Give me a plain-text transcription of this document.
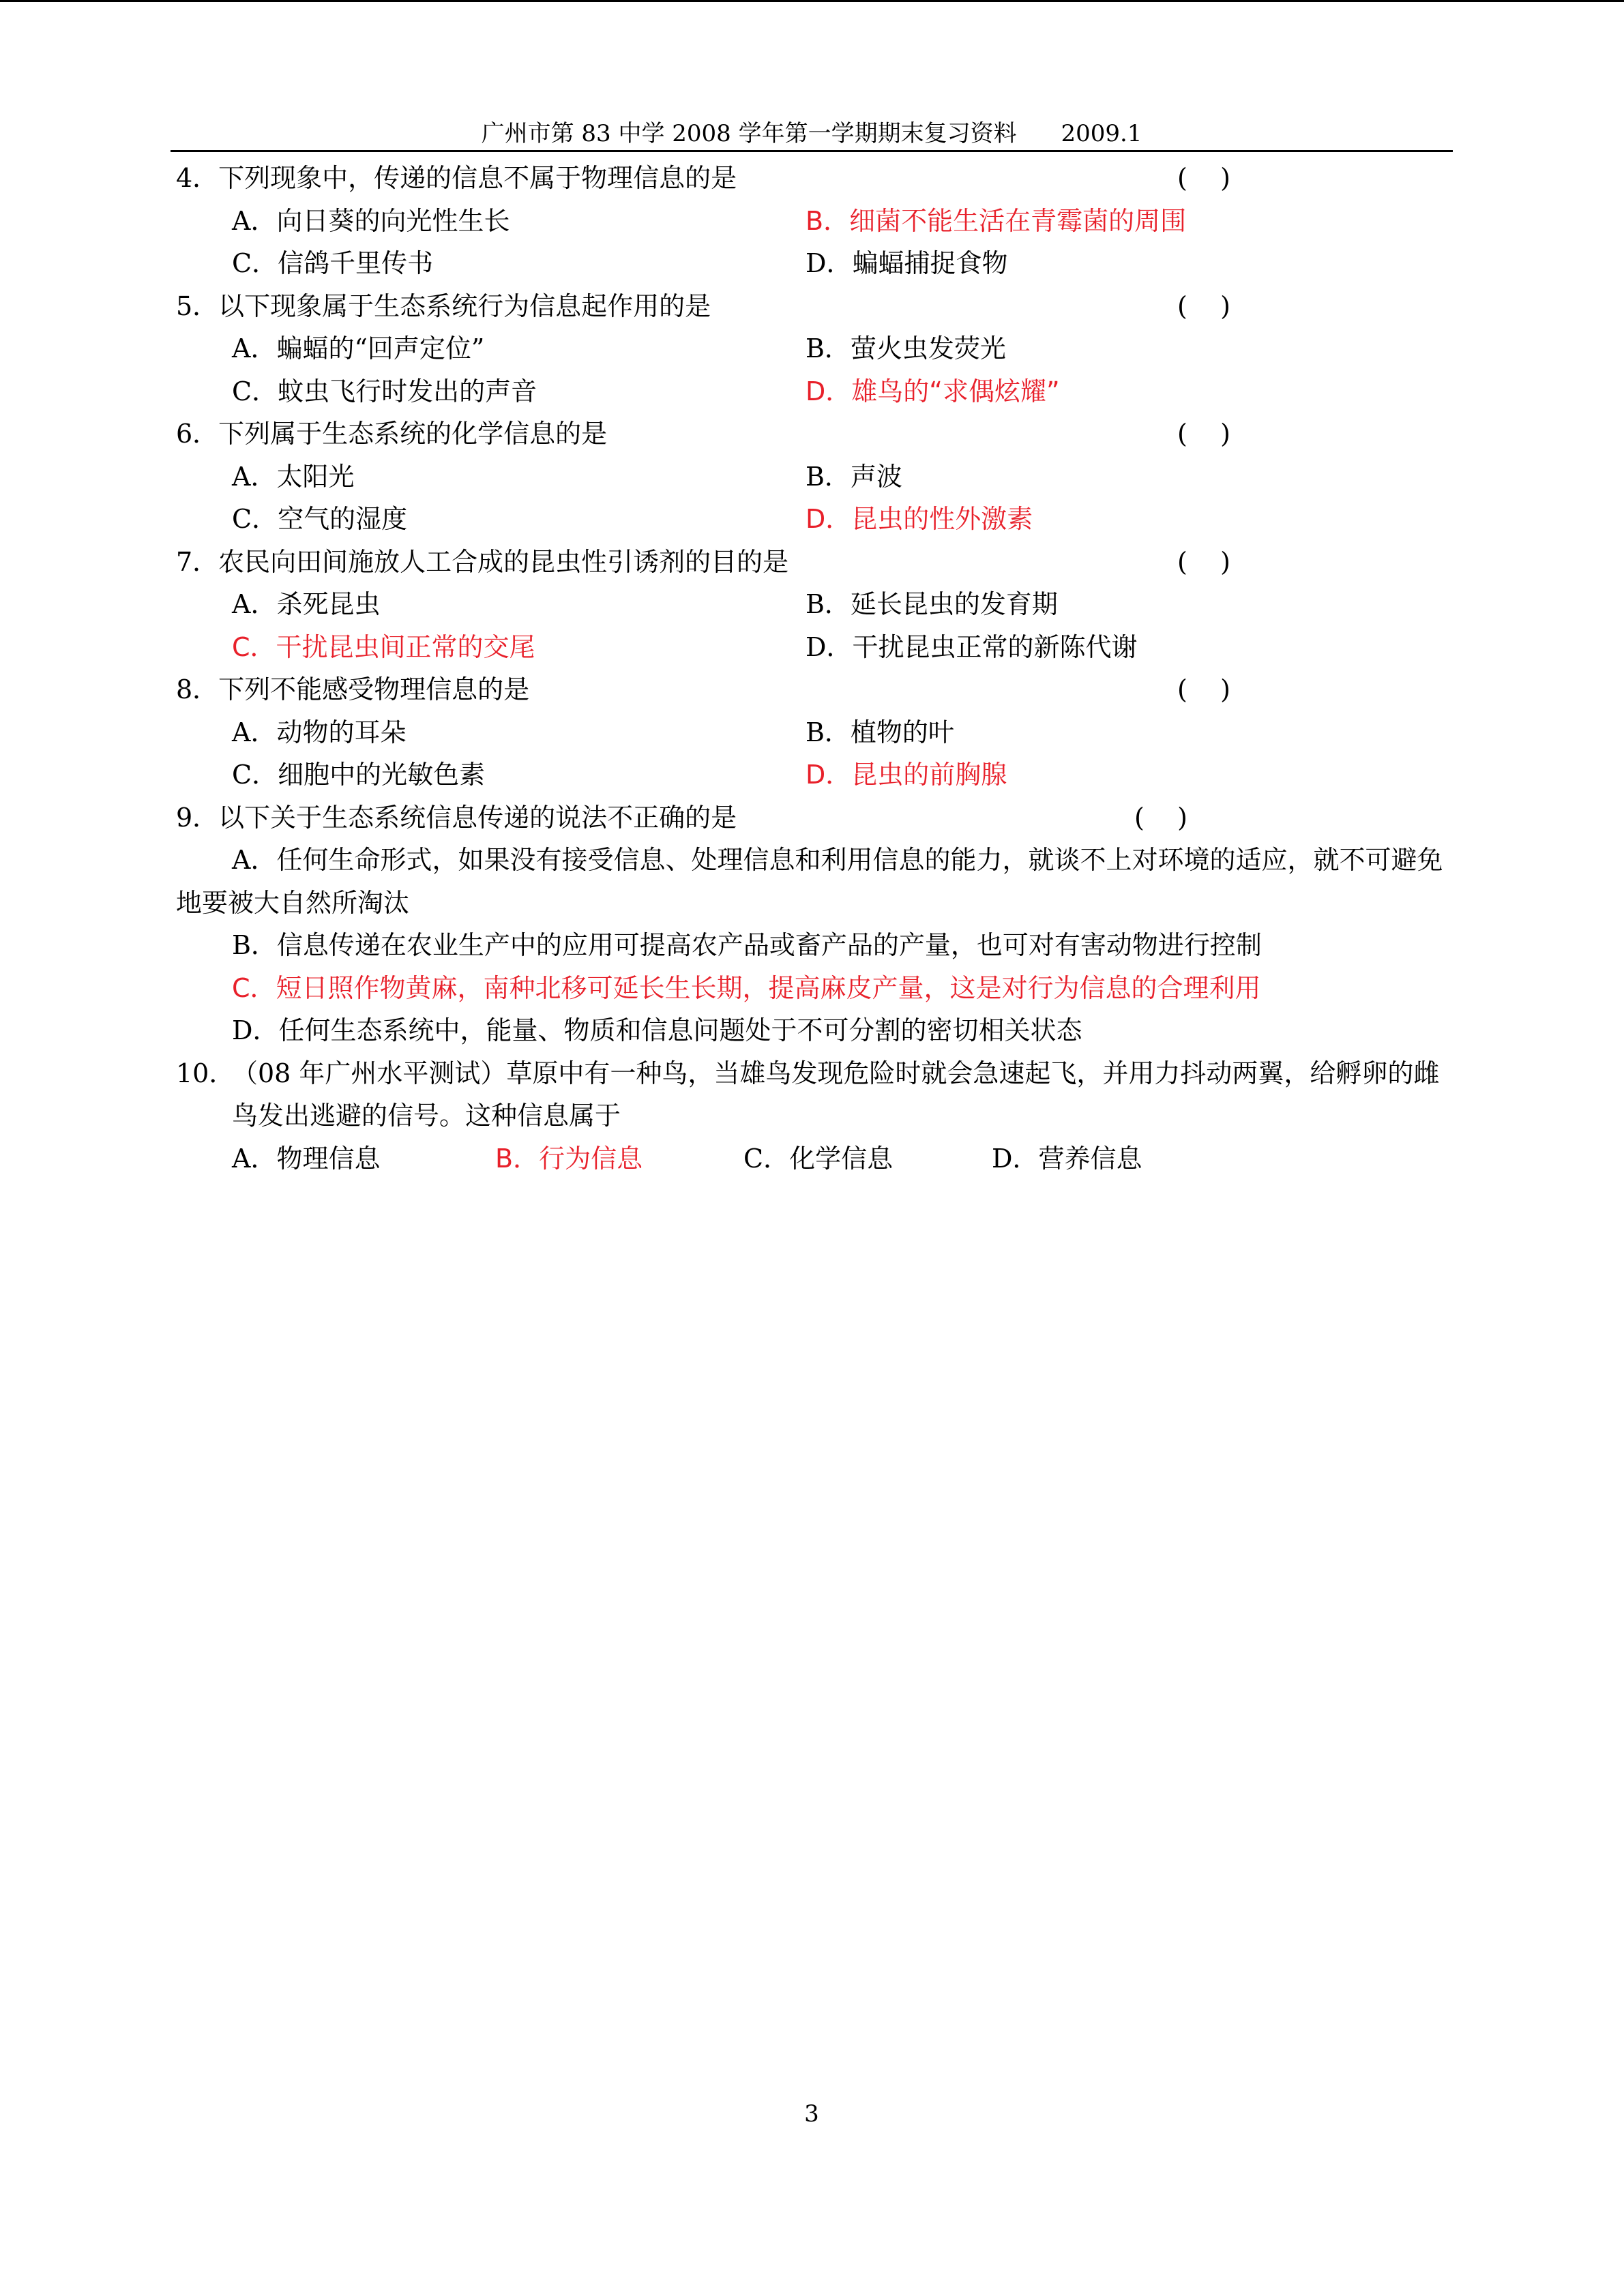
广州市第 83 中学 2008 学年第一学期期末复习资料      2009.1
4．下列现象中，传递的信息不属于物理信息的是	(    )
A．向日葵的向光性生长	B．细菌不能生活在青霉菌的周围
C．信鸽千里传书	D．蝙蝠捕捉食物
5．以下现象属于生态系统行为信息起作用的是	(    )
A．蝙蝠的“回声定位”	B．萤火虫发荧光
C．蚊虫飞行时发出的声音	D．雄鸟的“求偶炫耀”
6．下列属于生态系统的化学信息的是	(    )
A．太阳光	B．声波
C．空气的湿度	D．昆虫的性外激素
7．农民向田间施放人工合成的昆虫性引诱剂的目的是	(    )
A．杀死昆虫	B．延长昆虫的发育期
C．干扰昆虫间正常的交尾	D．干扰昆虫正常的新陈代谢
8．下列不能感受物理信息的是	(    )
A．动物的耳朵	B．植物的叶
C．细胞中的光敏色素	D．昆虫的前胸腺
9．以下关于生态系统信息传递的说法不正确的是	(    )

A．任何生命形式，如果没有接受信息、处理信息和利用信息的能力，就谈不上对环境的适应，就不可避免地要被大自然所淘汰

B．信息传递在农业生产中的应用可提高农产品或畜产品的产量，也可对有害动物进行控制
C．短日照作物黄麻，南种北移可延长生长期，提高麻皮产量，这是对行为信息的合理利用
D．任何生态系统中，能量、物质和信息问题处于不可分割的密切相关状态
10．
（08 年广州水平测试）草原中有一种鸟，当雄鸟发现危险时就会急速起飞，并用力抖动两翼，给孵卵的雌鸟发出逃避的信号。这种信息属于
A．物理信息	B．行为信息	C．化学信息	D．营养信息
3
